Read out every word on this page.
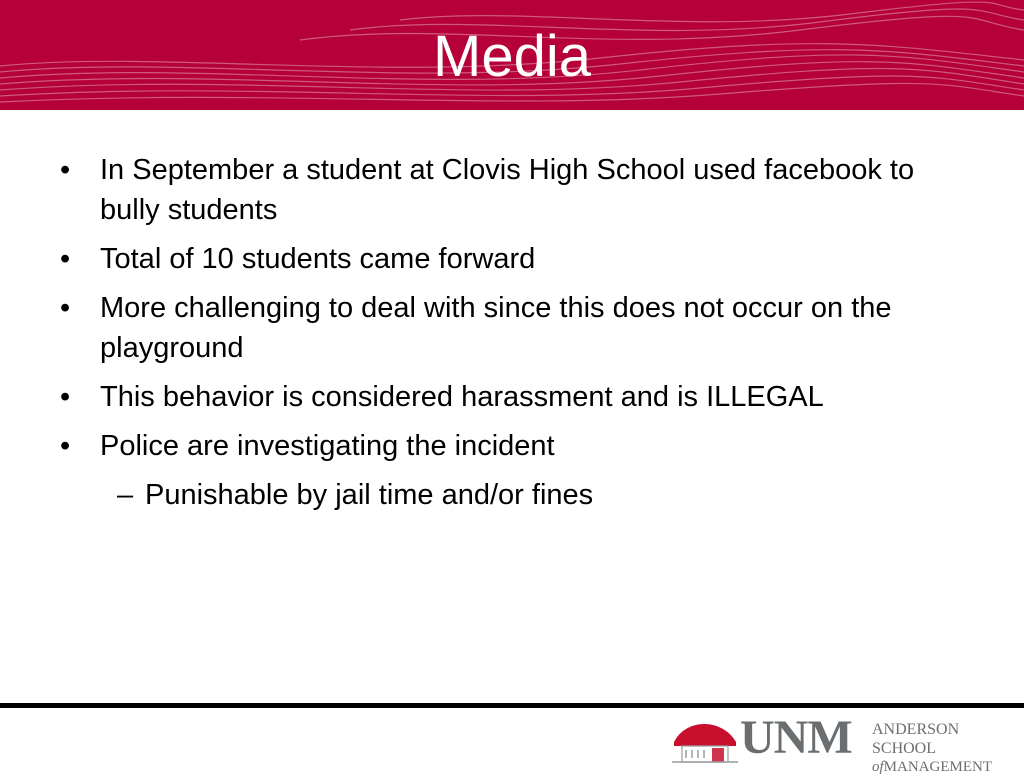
Media
•	In September a student at Clovis High School used facebook to bully students
•	Total of 10 students came forward
•	More challenging to deal with since this does not occur on the playground
•	This behavior is considered harassment and is ILLEGAL
•	Police are investigating the incident
– Punishable by jail time and/or fines
UNM ANDERSON SCHOOL
ofMANAGEMENT
